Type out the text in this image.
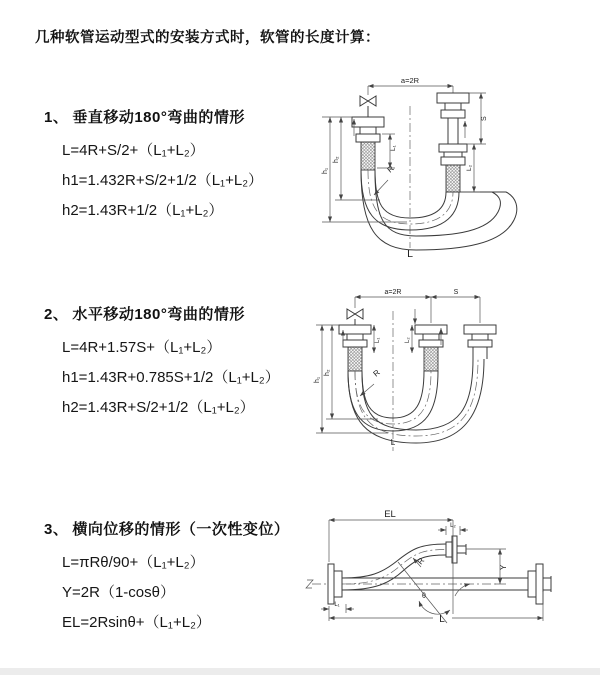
几种软管运动型式的安装方式时，软管的长度计算：
1、 垂直移动180°弯曲的情形
L=4R+S/2+（L₁+L₂）
h1=1.432R+S/2+1/2（L₁+L₂）
h2=1.43R+1/2（L₁+L₂）
2、 水平移动180°弯曲的情形
L=4R+1.57S+（L₁+L₂）
h1=1.43R+0.785S+1/2（L₁+L₂）
h2=1.43R+S/2+1/2（L₁+L₂）
3、 横向位移的情形（一次性变位）
L=πRθ/90+（L₁+L₂）
Y=2R（1-cosθ）
EL=2Rsinθ+（L₁+L₂）
a=2R
R
h₁
h₂
L₁
S
L₂
L
a=2R	S
R
h₁
h₂
L₁	L₂
L
EL
L₂
Y
R
θ
L
L₁
